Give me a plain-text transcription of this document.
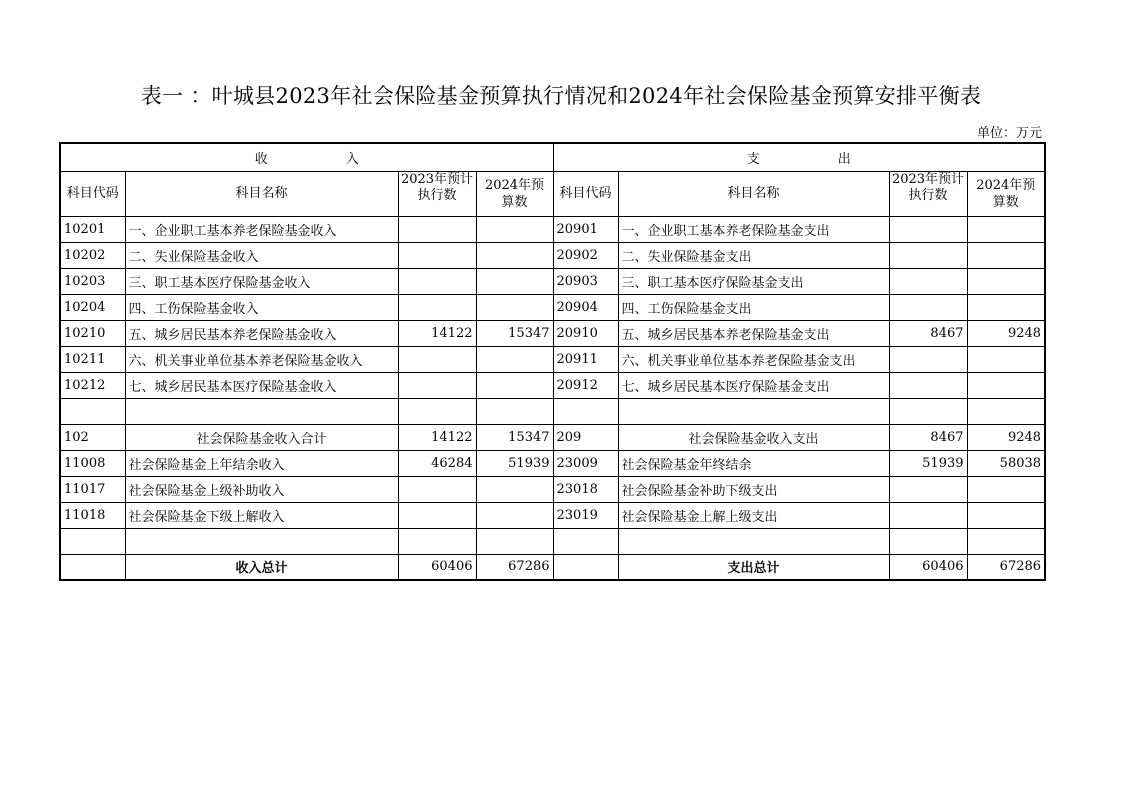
表一 ：叶城县2023年社会保险基金预算执行情况和2024年社会保险基金预算安排平衡表
单位：万元
收　　　　　　入				支　　　　　　出			
科目代码	科目名称	2023年预计执行数	2024年预算数	科目代码	科目名称	2023年预计执行数	2024年预算数
10201	一、企业职工基本养老保险基金收入			20901	一、企业职工基本养老保险基金支出		
10202	二、失业保险基金收入			20902	二、失业保险基金支出		
10203	三、职工基本医疗保险基金收入			20903	三、职工基本医疗保险基金支出		
10204	四、工伤保险基金收入			20904	四、工伤保险基金支出		
10210	五、城乡居民基本养老保险基金收入	14122	15347	20910	五、城乡居民基本养老保险基金支出	8467	9248
10211	六、机关事业单位基本养老保险基金收入			20911	六、机关事业单位基本养老保险基金支出		
10212	七、城乡居民基本医疗保险基金收入			20912	七、城乡居民基本医疗保险基金支出		

102	社会保险基金收入合计	14122	15347	209	社会保险基金收入支出	8467	9248
11008	社会保险基金上年结余收入	46284	51939	23009	社会保险基金年终结余	51939	58038
11017	社会保险基金上级补助收入			23018	社会保险基金补助下级支出		
11018	社会保险基金下级上解收入			23019	社会保险基金上解上级支出		

	收入总计	60406	67286		支出总计	60406	67286
